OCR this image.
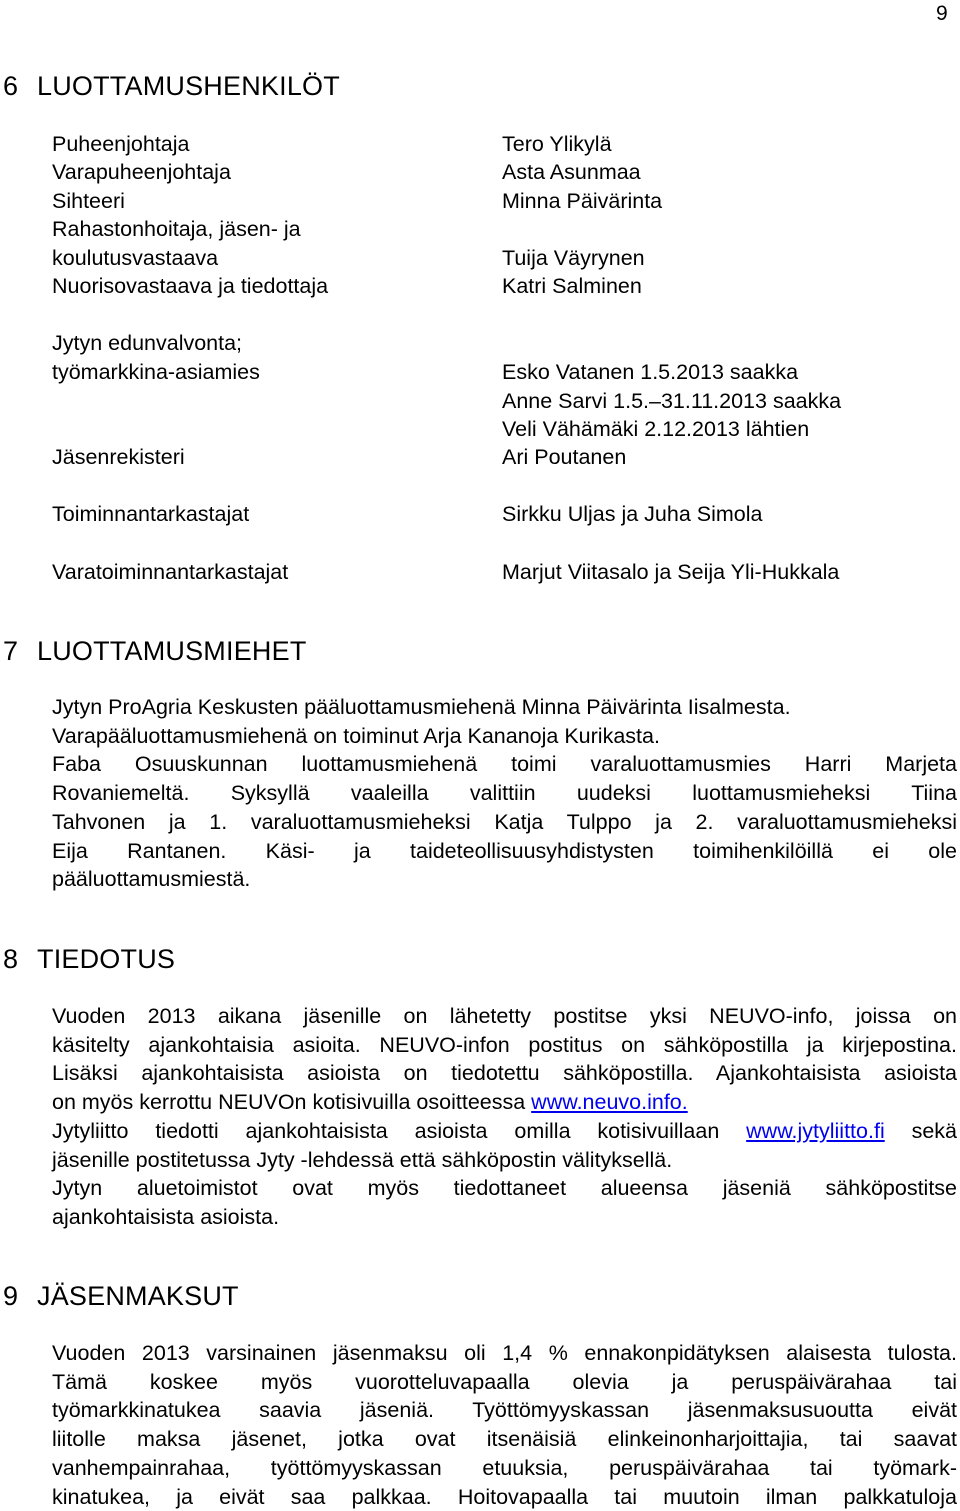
9
6 LUOTTAMUSHENKILÖT
Puheenjohtaja
Varapuheenjohtaja
Sihteeri
Rahastonhoitaja, jäsen- ja
koulutusvastaava
Nuorisovastaava ja tiedottaja
Jytyn edunvalvonta;
työmarkkina-asiamies
Jäsenrekisteri
Toiminnantarkastajat
Varatoiminnantarkastajat
Tero Ylikylä
Asta Asunmaa
Minna Päivärinta
Tuija Väyrynen
Katri Salminen
Esko Vatanen 1.5.2013 saakka
Anne Sarvi 1.5.–31.11.2013 saakka
Veli Vähämäki 2.12.2013 lähtien
Ari Poutanen
Sirkku Uljas ja Juha Simola
Marjut Viitasalo ja Seija Yli-Hukkala
7 LUOTTAMUSMIEHET
Jytyn ProAgria Keskusten pääluottamusmiehenä Minna Päivärinta Iisalmesta.
Varapääluottamusmiehenä on toiminut Arja Kananoja Kurikasta.
Faba Osuuskunnan luottamusmiehenä toimi varaluottamusmies Harri Marjeta
Rovaniemeltä. Syksyllä vaaleilla valittiin uudeksi luottamusmieheksi Tiina
Tahvonen ja 1. varaluottamusmieheksi Katja Tulppo ja 2. varaluottamusmieheksi
Eija Rantanen. Käsi- ja taideteollisuusyhdistysten toimihenkilöillä ei ole
pääluottamusmiestä.
8 TIEDOTUS
Vuoden 2013 aikana jäsenille on lähetetty postitse yksi NEUVO-info, joissa on
käsitelty ajankohtaisia asioita. NEUVO-infon postitus on sähköpostilla ja kirjepostina.
Lisäksi ajankohtaisista asioista on tiedotettu sähköpostilla. Ajankohtaisista asioista
on myös kerrottu NEUVOn kotisivuilla osoitteessa www.neuvo.info.
Jytyliitto tiedotti ajankohtaisista asioista omilla kotisivuillaan www.jytyliitto.fi sekä
jäsenille postitetussa Jyty -lehdessä että sähköpostin välityksellä.
Jytyn aluetoimistot ovat myös tiedottaneet alueensa jäseniä sähköpostitse
ajankohtaisista asioista.
9 JÄSENMAKSUT
Vuoden 2013 varsinainen jäsenmaksu oli 1,4 % ennakonpidätyksen alaisesta tulosta.
Tämä koskee myös vuorotteluvapaalla olevia ja peruspäivärahaa tai
työmarkkinatukea saavia jäseniä. Työttömyyskassan jäsenmaksusuoutta eivät
liitolle maksa jäsenet, jotka ovat itsenäisiä elinkeinonharjoittajia, tai saavat
vanhempainrahaa, työttömyyskassan etuuksia, peruspäivärahaa tai työmark-
kinatukea, ja eivät saa palkkaa. Hoitovapaalla tai muutoin ilman palkkatuloja
